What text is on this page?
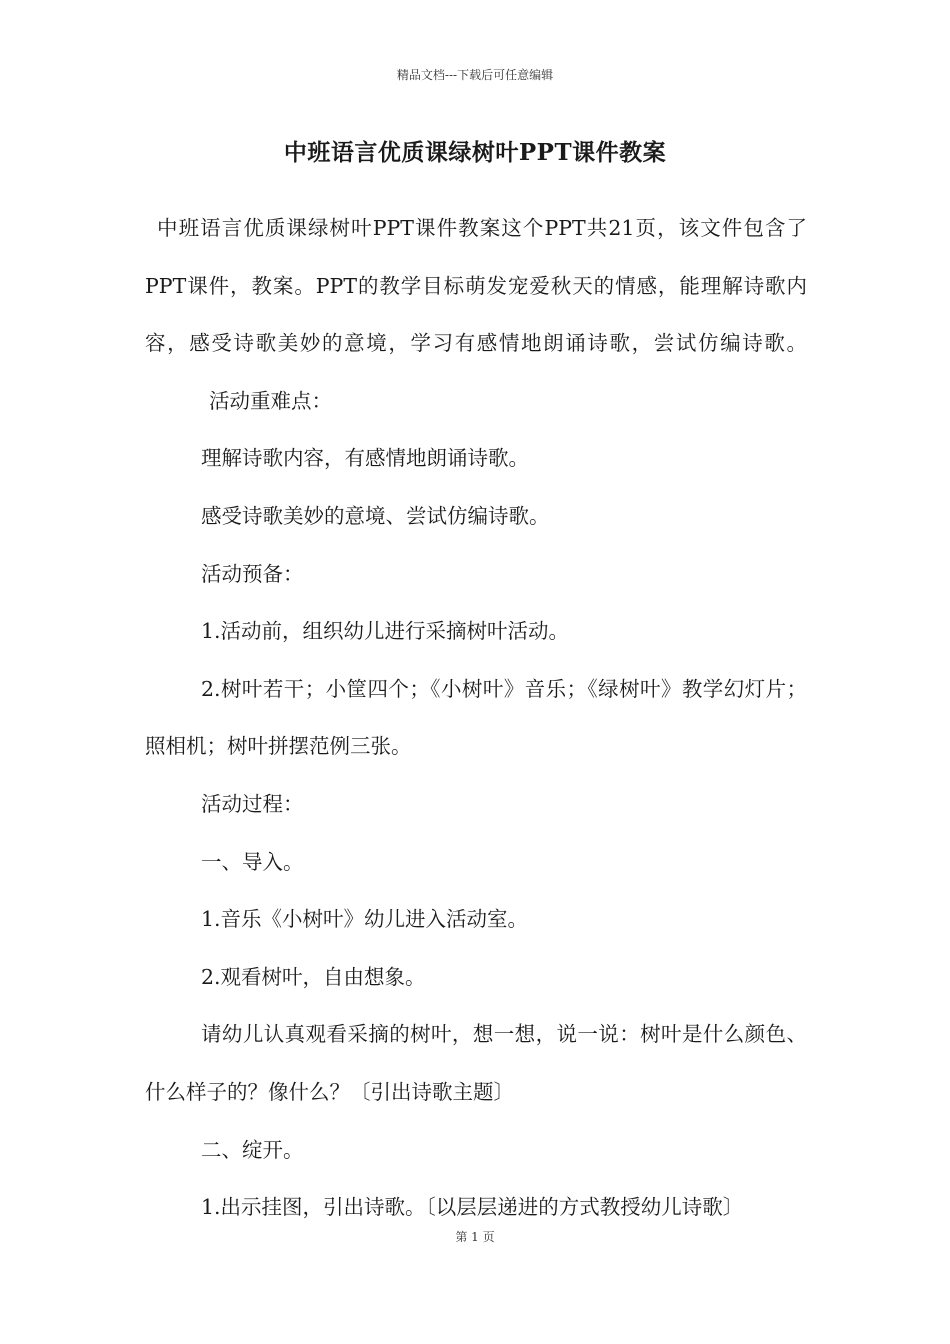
精品文档---下载后可任意编辑
中班语言优质课绿树叶PPT课件教案

中班语言优质课绿树叶PPT课件教案这个PPT共21页，该文件包含了PPT课件，教案。PPT的教学目标萌发宠爱秋天的情感，能理解诗歌内容，感受诗歌美妙的意境，学习有感情地朗诵诗歌，尝试仿编诗歌。活动重难点：

理解诗歌内容，有感情地朗诵诗歌。

感受诗歌美妙的意境、尝试仿编诗歌。

活动预备：

1.活动前，组织幼儿进行采摘树叶活动。

2.树叶若干；小筐四个；《小树叶》音乐；《绿树叶》教学幻灯片；照相机；树叶拼摆范例三张。

活动过程：

一、导入。

1.音乐《小树叶》幼儿进入活动室。

2.观看树叶，自由想象。

请幼儿认真观看采摘的树叶，想一想，说一说：树叶是什么颜色、什么样子的？像什么？〔引出诗歌主题〕

二、绽开。

1.出示挂图，引出诗歌。〔以层层递进的方式教授幼儿诗歌〕

第 1 页
